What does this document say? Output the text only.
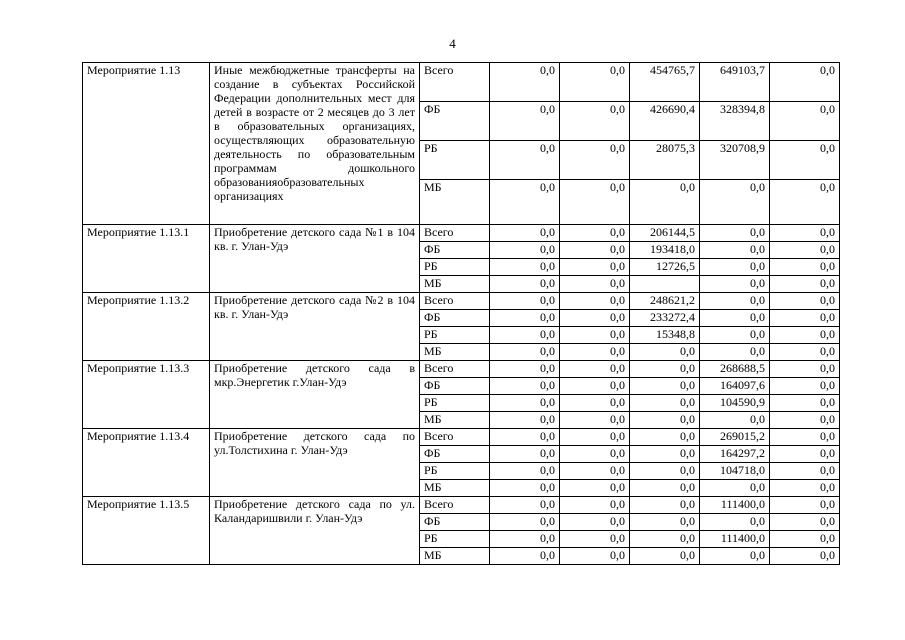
4
Мероприятие 1.13	Иные межбюджетные трансферты на создание в субъектах Российской Федерации дополнительных мест для детей в возрасте от 2 месяцев до 3 лет в образовательных организациях, осуществляющих образовательную деятельность по образовательным программам дошкольного образованияобразовательных организациях	Всего	0,0	0,0	454765,7	649103,7	0,0
		ФБ	0,0	0,0	426690,4	328394,8	0,0
		РБ	0,0	0,0	28075,3	320708,9	0,0
		МБ	0,0	0,0	0,0	0,0	0,0
Мероприятие 1.13.1	Приобретение детского сада №1 в 104 кв. г. Улан-Удэ	Всего	0,0	0,0	206144,5	0,0	0,0
		ФБ	0,0	0,0	193418,0	0,0	0,0
		РБ	0,0	0,0	12726,5	0,0	0,0
		МБ	0,0	0,0		0,0	0,0
Мероприятие 1.13.2	Приобретение детского сада №2 в 104 кв. г. Улан-Удэ	Всего	0,0	0,0	248621,2	0,0	0,0
		ФБ	0,0	0,0	233272,4	0,0	0,0
		РБ	0,0	0,0	15348,8	0,0	0,0
		МБ	0,0	0,0	0,0	0,0	0,0
Мероприятие 1.13.3	Приобретение детского сада в мкр.Энергетик г.Улан-Удэ	Всего	0,0	0,0	0,0	268688,5	0,0
		ФБ	0,0	0,0	0,0	164097,6	0,0
		РБ	0,0	0,0	0,0	104590,9	0,0
		МБ	0,0	0,0	0,0	0,0	0,0
Мероприятие 1.13.4	Приобретение детского сада по ул.Толстихина г. Улан-Удэ	Всего	0,0	0,0	0,0	269015,2	0,0
		ФБ	0,0	0,0	0,0	164297,2	0,0
		РБ	0,0	0,0	0,0	104718,0	0,0
		МБ	0,0	0,0	0,0	0,0	0,0
Мероприятие 1.13.5	Приобретение детского сада по ул. Каландаришвили г. Улан-Удэ	Всего	0,0	0,0	0,0	111400,0	0,0
		ФБ	0,0	0,0	0,0	0,0	0,0
		РБ	0,0	0,0	0,0	111400,0	0,0
		МБ	0,0	0,0	0,0	0,0	0,0
